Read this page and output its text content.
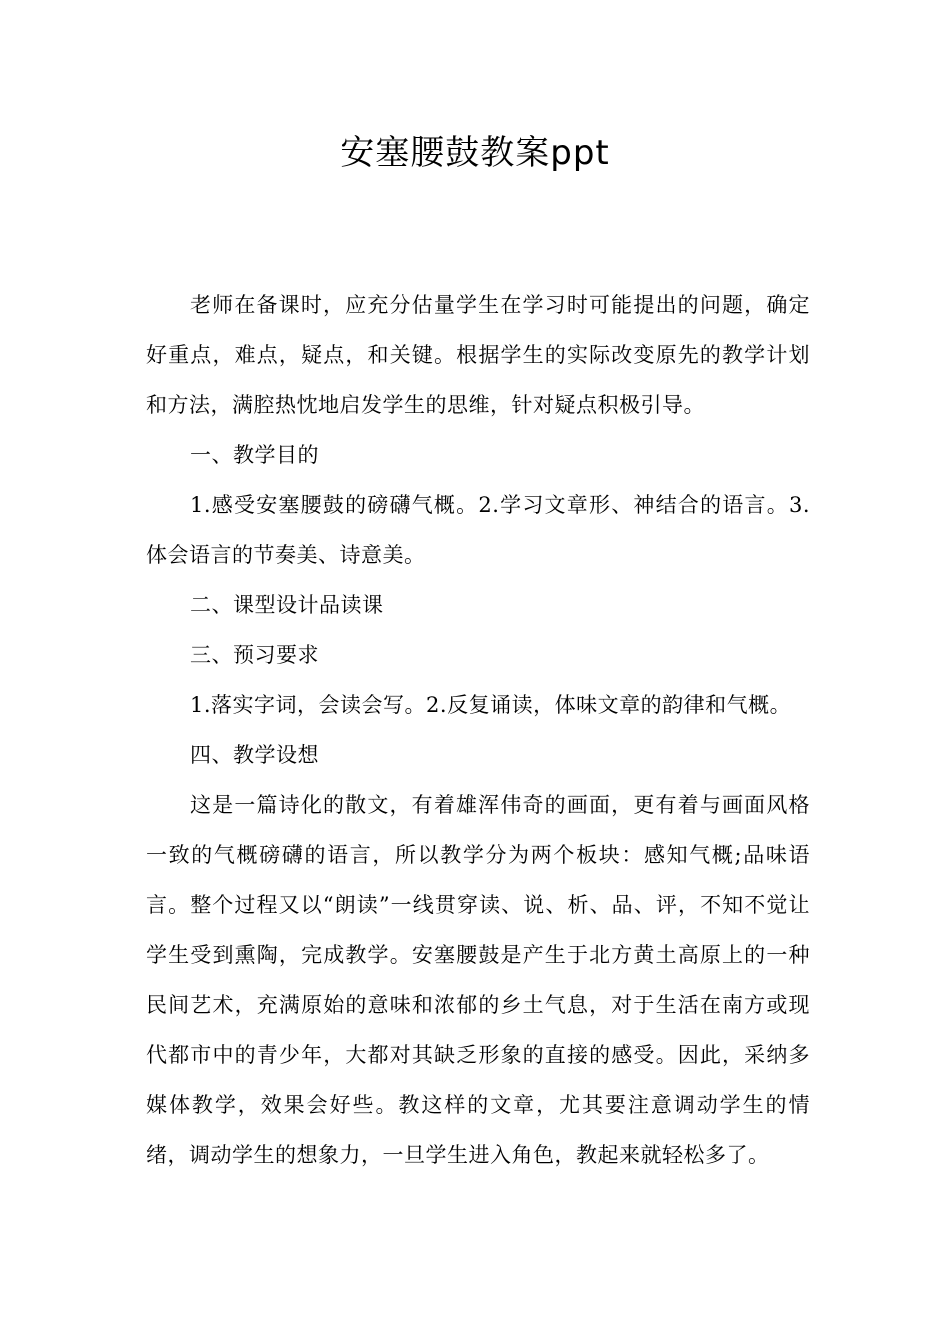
安塞腰鼓教案ppt

老师在备课时，应充分估量学生在学习时可能提出的问题，确定好重点，难点，疑点，和关键。根据学生的实际改变原先的教学计划和方法，满腔热忱地启发学生的思维，针对疑点积极引导。

一、教学目的

1.感受安塞腰鼓的磅礴气概。2.学习文章形、神结合的语言。3.体会语言的节奏美、诗意美。

二、课型设计品读课

三、预习要求

1.落实字词，会读会写。2.反复诵读，体味文章的韵律和气概。

四、教学设想

这是一篇诗化的散文，有着雄浑伟奇的画面，更有着与画面风格一致的气概磅礴的语言，所以教学分为两个板块：感知气概;品味语言。整个过程又以“朗读”一线贯穿读、说、析、品、评，不知不觉让学生受到熏陶，完成教学。安塞腰鼓是产生于北方黄土高原上的一种民间艺术，充满原始的意味和浓郁的乡土气息，对于生活在南方或现代都市中的青少年，大都对其缺乏形象的直接的感受。因此，采纳多媒体教学，效果会好些。教这样的文章，尤其要注意调动学生的情绪，调动学生的想象力，一旦学生进入角色，教起来就轻松多了。
